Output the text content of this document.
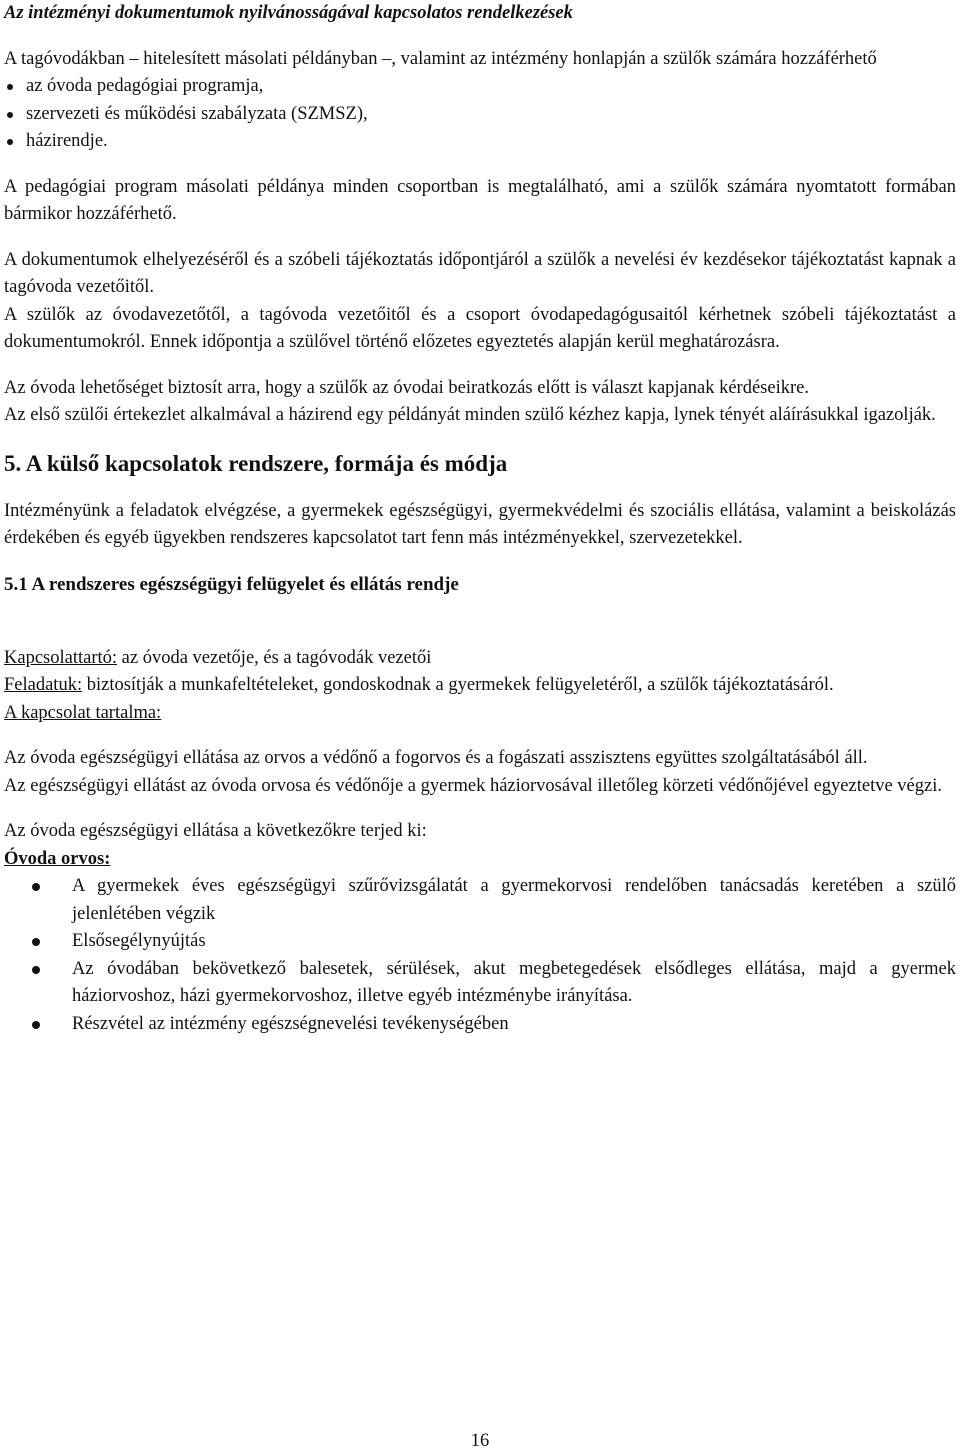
Az intézményi dokumentumok nyilvánosságával kapcsolatos rendelkezések

A tagóvodákban – hitelesített másolati példányban –, valamint az intézmény honlapján a szülők számára hozzáférhető

az óvoda pedagógiai programja,
szervezeti és működési szabályzata (SZMSZ),
házirendje.

A pedagógiai program másolati példánya minden csoportban is megtalálható, ami a szülők számára nyomtatott formában bármikor hozzáférhető.

A dokumentumok elhelyezéséről és a szóbeli tájékoztatás időpontjáról a szülők a nevelési év kezdésekor tájékoztatást kapnak a tagóvoda vezetőitől.

A szülők az óvodavezetőtől, a tagóvoda vezetőitől és a csoport óvodapedagógusaitól kérhetnek szóbeli tájékoztatást a dokumentumokról. Ennek időpontja a szülővel történő előzetes egyeztetés alapján kerül meghatározásra.

Az óvoda lehetőséget biztosít arra, hogy a szülők az óvodai beiratkozás előtt is választ kapjanak kérdéseikre.

Az első szülői értekezlet alkalmával a házirend egy példányát minden szülő kézhez kapja, lynek tényét aláírásukkal igazolják.

5. A külső kapcsolatok rendszere, formája és módja

Intézményünk a feladatok elvégzése, a gyermekek egészségügyi, gyermekvédelmi és szociális ellátása, valamint a beiskolázás érdekében és egyéb ügyekben rendszeres kapcsolatot tart fenn más intézményekkel, szervezetekkel.

5.1 A rendszeres egészségügyi felügyelet és ellátás rendje

Kapcsolattartó: az óvoda vezetője, és a tagóvodák vezetői

Feladatuk: biztosítják a munkafeltételeket, gondoskodnak a gyermekek felügyeletéről, a szülők tájékoztatásáról.

A kapcsolat tartalma:

Az óvoda egészségügyi ellátása az orvos a védőnő a fogorvos és a fogászati asszisztens együttes szolgáltatásából áll.

Az egészségügyi ellátást az óvoda orvosa és védőnője a gyermek háziorvosával illetőleg körzeti védőnőjével egyeztetve végzi.

Az óvoda egészségügyi ellátása a következőkre terjed ki:

Óvoda orvos:

A gyermekek éves egészségügyi szűrővizsgálatát a gyermekorvosi rendelőben tanácsadás keretében a szülő jelenlétében végzik
Elsősegélynyújtás
Az óvodában bekövetkező balesetek, sérülések, akut megbetegedések elsődleges ellátása, majd a gyermek háziorvoshoz, házi gyermekorvoshoz, illetve egyéb intézménybe irányítása.
Részvétel az intézmény egészségnevelési tevékenységében
16
